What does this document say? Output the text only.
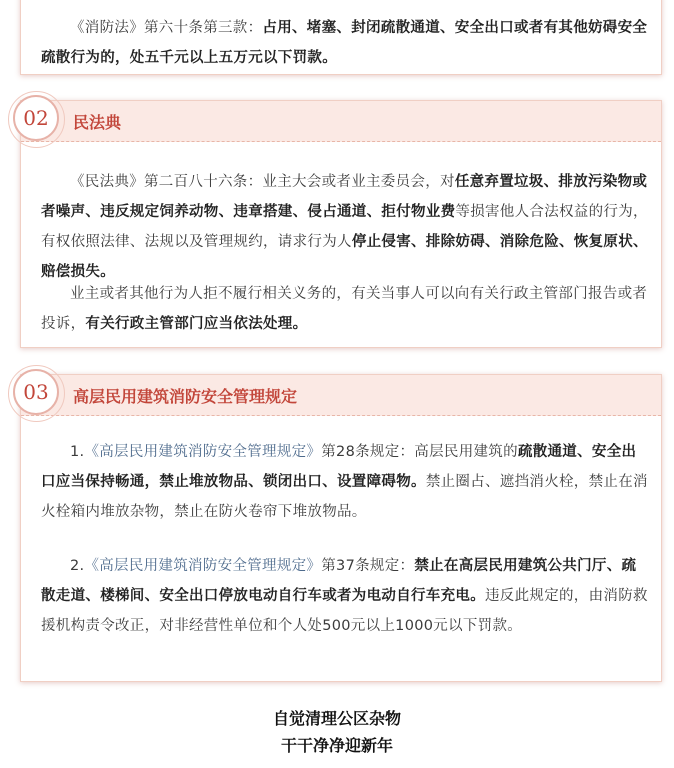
《消防法》第六十条第三款：占用、堵塞、封闭疏散通道、安全出口或者有其他妨碍安全疏散行为的，处五千元以上五万元以下罚款。

02	民法典

《民法典》第二百八十六条：业主大会或者业主委员会，对任意弃置垃圾、排放污染物或者噪声、违反规定饲养动物、违章搭建、侵占通道、拒付物业费等损害他人合法权益的行为，有权依照法律、法规以及管理规约，请求行为人停止侵害、排除妨碍、消除危险、恢复原状、赔偿损失。

业主或者其他行为人拒不履行相关义务的，有关当事人可以向有关行政主管部门报告或者投诉，有关行政主管部门应当依法处理。

03	高层民用建筑消防安全管理规定

1.《高层民用建筑消防安全管理规定》第28条规定：高层民用建筑的疏散通道、安全出口应当保持畅通，禁止堆放物品、锁闭出口、设置障碍物。禁止圈占、遮挡消火栓，禁止在消火栓箱内堆放杂物，禁止在防火卷帘下堆放物品。

2.《高层民用建筑消防安全管理规定》第37条规定：禁止在高层民用建筑公共门厅、疏散走道、楼梯间、安全出口停放电动自行车或者为电动自行车充电。违反此规定的，由消防救援机构责令改正，对非经营性单位和个人处500元以上1000元以下罚款。

自觉清理公区杂物
干干净净迎新年
